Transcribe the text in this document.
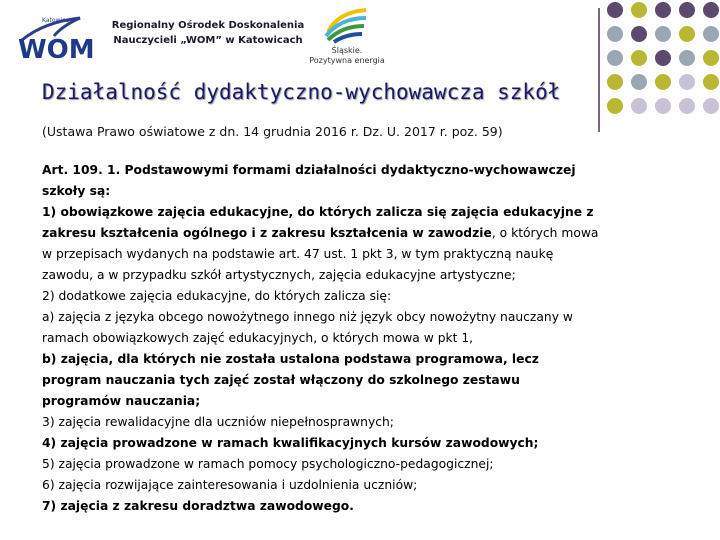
Katowice
WOM
Regionalny Ośrodek Doskonalenia
Nauczycieli „WOM” w Katowicach
Śląskie.
Pozytywna energia
Działalność dydaktyczno-wychowawcza szkół
(Ustawa Prawo oświatowe z dn. 14 grudnia 2016 r. Dz. U. 2017 r. poz. 59)

Art. 109. 1. Podstawowymi formami działalności dydaktyczno-wychowawczej szkoły są:

1) obowiązkowe zajęcia edukacyjne, do których zalicza się zajęcia edukacyjne z zakresu kształcenia ogólnego i z zakresu kształcenia w zawodzie, o których mowa w przepisach wydanych na podstawie art. 47 ust. 1 pkt 3, w tym praktyczną naukę zawodu, a w przypadku szkół artystycznych, zajęcia edukacyjne artystyczne;

2) dodatkowe zajęcia edukacyjne, do których zalicza się:

a) zajęcia z języka obcego nowożytnego innego niż język obcy nowożytny nauczany w ramach obowiązkowych zajęć edukacyjnych, o których mowa w pkt 1,

b) zajęcia, dla których nie została ustalona podstawa programowa, lecz program nauczania tych zajęć został włączony do szkolnego zestawu programów nauczania;

3) zajęcia rewalidacyjne dla uczniów niepełnosprawnych;

4) zajęcia prowadzone w ramach kwalifikacyjnych kursów zawodowych;

5) zajęcia prowadzone w ramach pomocy psychologiczno-pedagogicznej;

6) zajęcia rozwijające zainteresowania i uzdolnienia uczniów;

7) zajęcia z zakresu doradztwa zawodowego.
